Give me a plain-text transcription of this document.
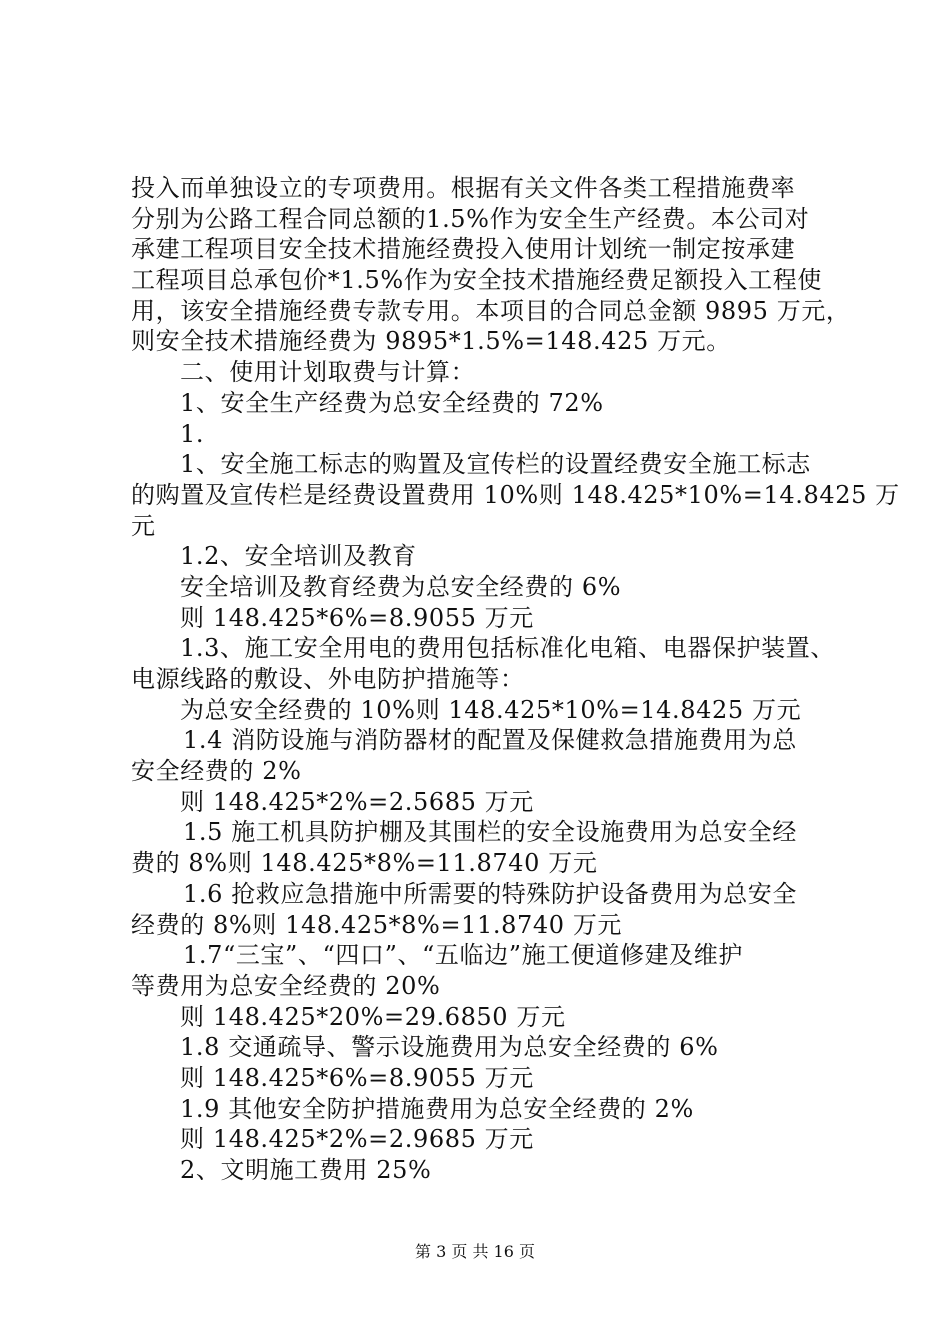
投入而单独设立的专项费用。根据有关文件各类工程措施费率
分别为公路工程合同总额的1.5%作为安全生产经费。本公司对
承建工程项目安全技术措施经费投入使用计划统一制定按承建
工程项目总承包价*1.5%作为安全技术措施经费足额投入工程使
用，该安全措施经费专款专用。本项目的合同总金额 9895 万元，
则安全技术措施经费为 9895*1.5%=148.425 万元。
二、使用计划取费与计算：
1、安全生产经费为总安全经费的 72%
1.
1、安全施工标志的购置及宣传栏的设置经费安全施工标志
的购置及宣传栏是经费设置费用 10%则 148.425*10%=14.8425 万
元
1.2、安全培训及教育
安全培训及教育经费为总安全经费的 6%
则 148.425*6%=8.9055 万元
1.3、施工安全用电的费用包括标准化电箱、电器保护装置、
电源线路的敷设、外电防护措施等：
为总安全经费的 10%则 148.425*10%=14.8425 万元
1.4 消防设施与消防器材的配置及保健救急措施费用为总
安全经费的 2%
则 148.425*2%=2.5685 万元
1.5 施工机具防护棚及其围栏的安全设施费用为总安全经
费的 8%则 148.425*8%=11.8740 万元
1.6 抢救应急措施中所需要的特殊防护设备费用为总安全
经费的 8%则 148.425*8%=11.8740 万元
1.7“三宝”、“四口”、“五临边”施工便道修建及维护
等费用为总安全经费的 20%
则 148.425*20%=29.6850 万元
1.8 交通疏导、警示设施费用为总安全经费的 6%
则 148.425*6%=8.9055 万元
1.9 其他安全防护措施费用为总安全经费的 2%
则 148.425*2%=2.9685 万元
2、文明施工费用 25%
第 3 页 共 16 页
